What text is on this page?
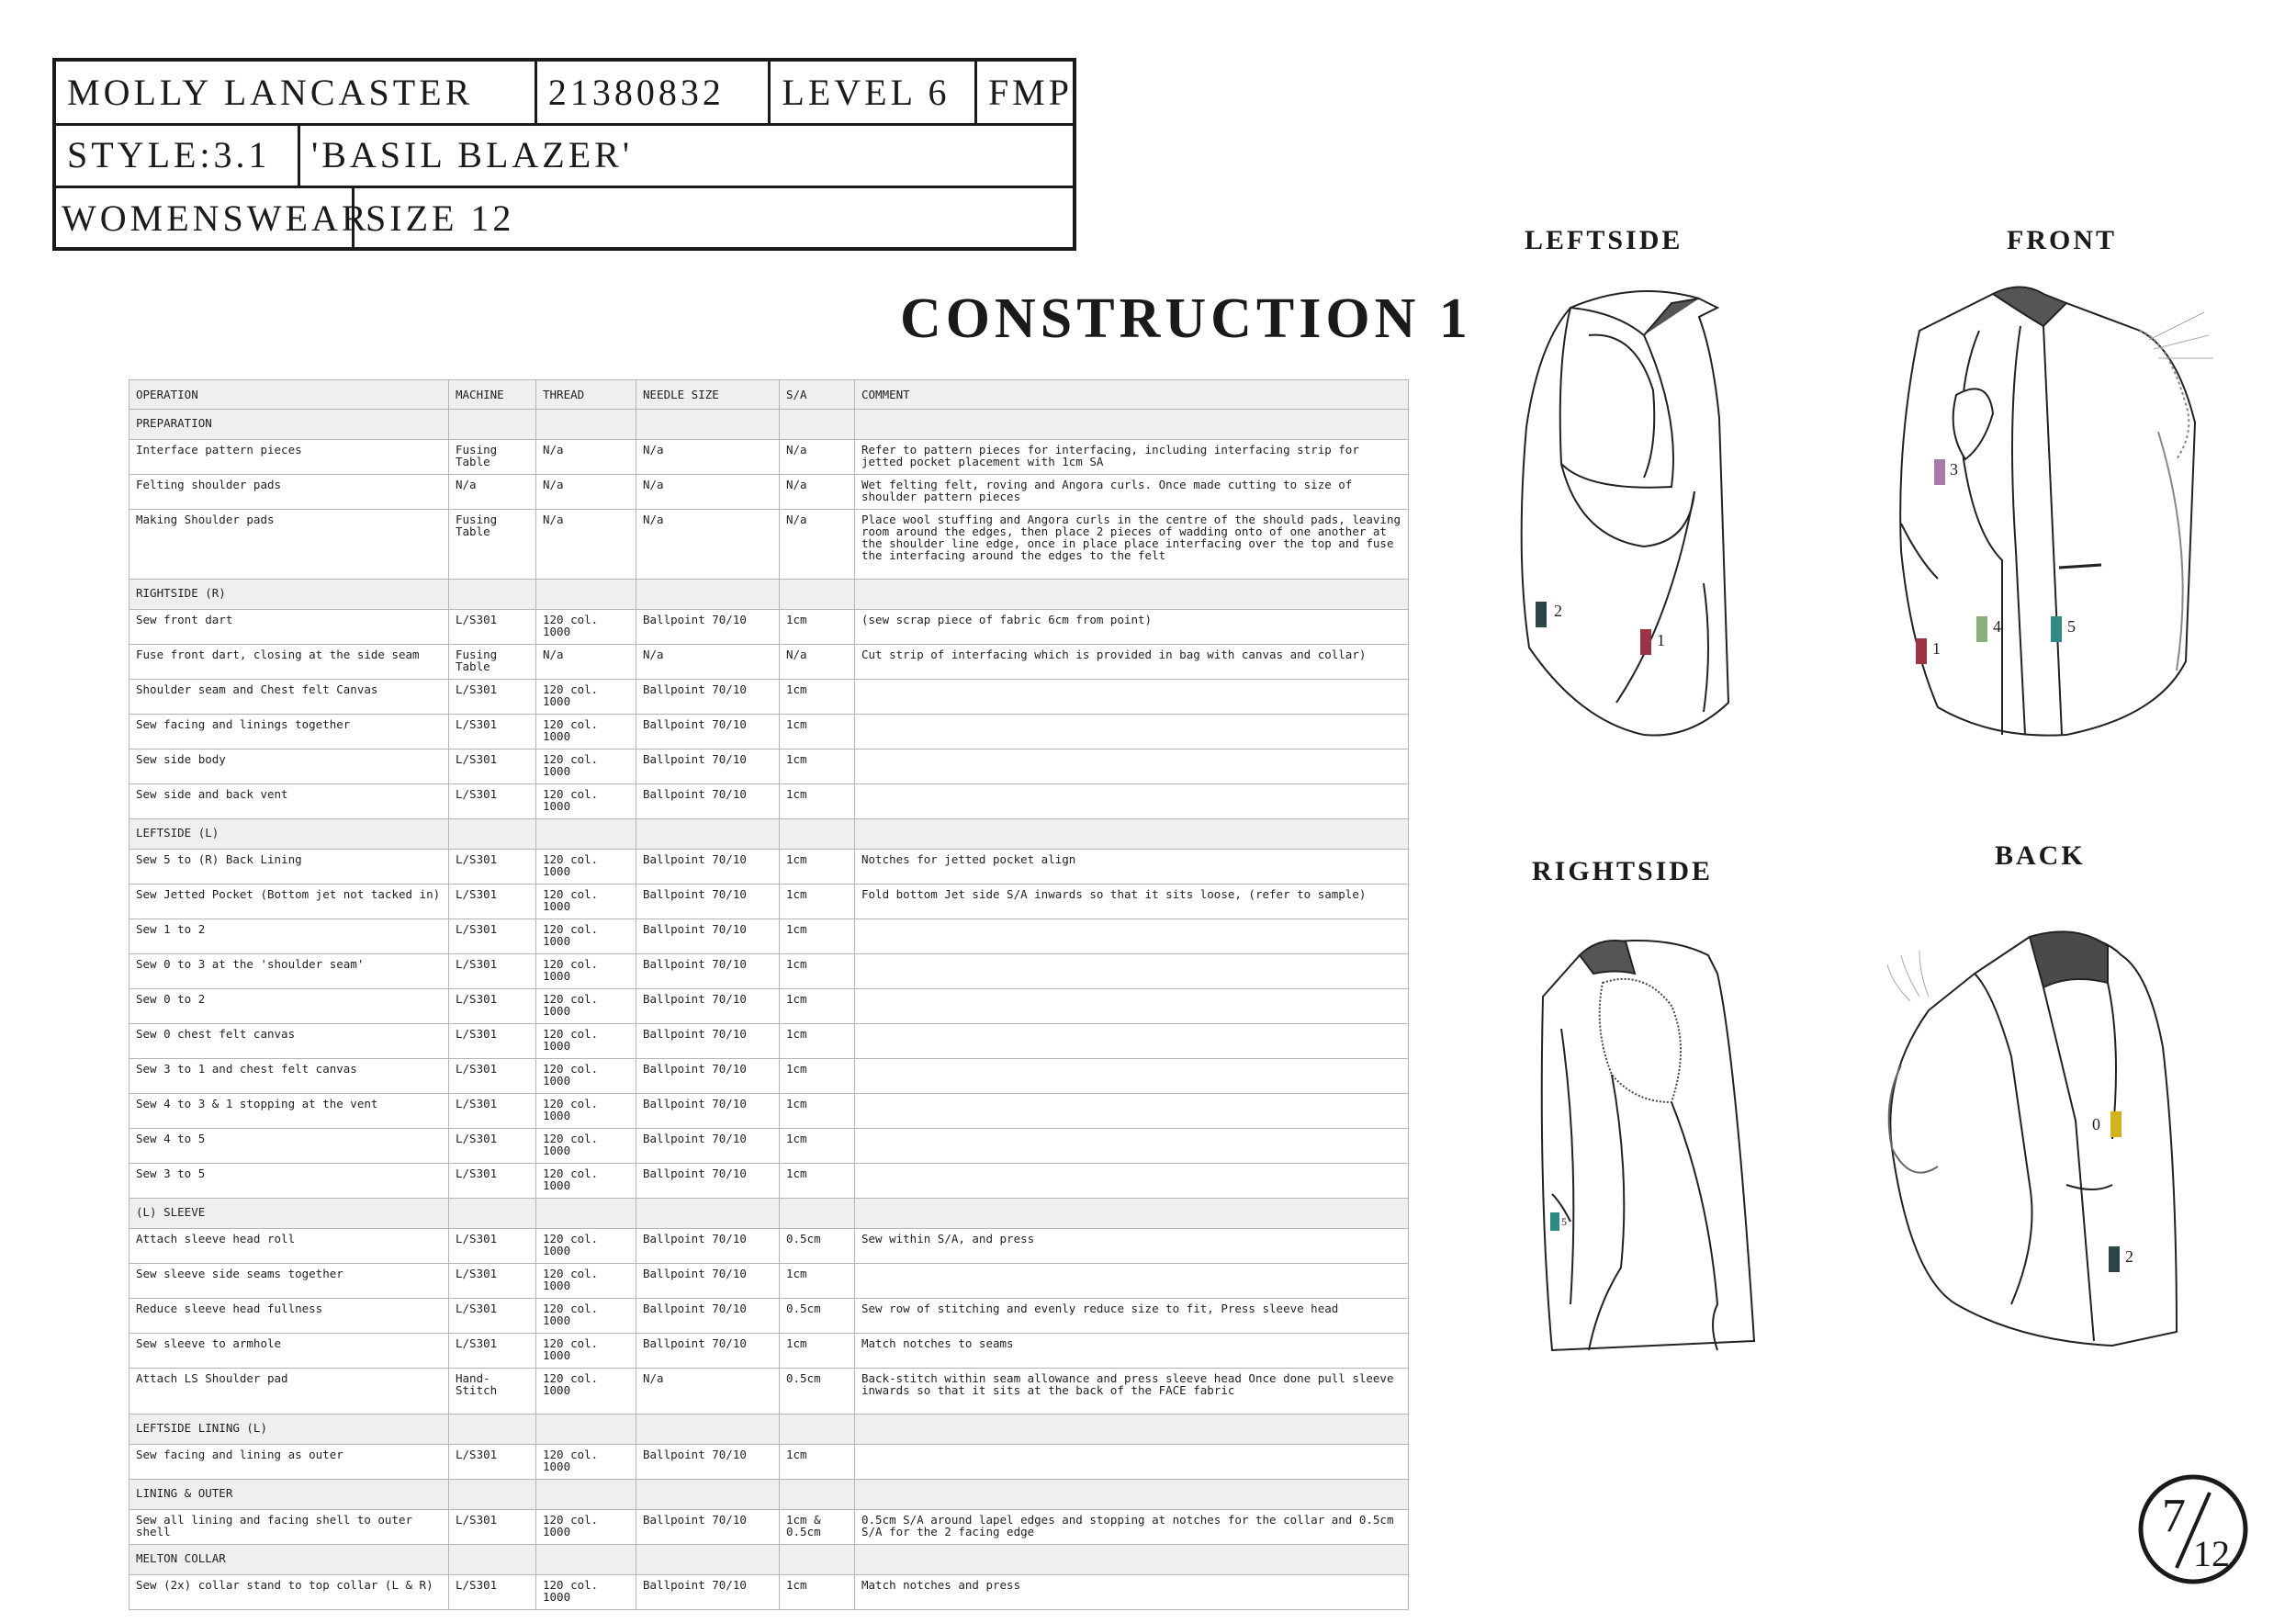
MOLLY LANCASTER	21380832	LEVEL 6	FMP
STYLE:3.1	'BASIL BLAZER'
WOMENSWEAR
SIZE 12
CONSTRUCTION 1
OPERATION	MACHINE	THREAD	NEEDLE SIZE	S/A	COMMENT
PREPARATION					
Interface pattern pieces	Fusing Table	N/a	N/a	N/a	Refer to pattern pieces for interfacing, including interfacing strip for jetted pocket placement with 1cm SA
Felting shoulder pads	N/a	N/a	N/a	N/a	Wet felting felt, roving and Angora curls. Once made cutting to size of shoulder pattern pieces
Making Shoulder pads	Fusing Table	N/a	N/a	N/a	Place wool stuffing and Angora curls in the centre of the should pads, leaving room around the edges, then place 2 pieces of wadding onto of one another at the shoulder line edge, once in place place interfacing over the top and fuse the interfacing around the edges to the felt
RIGHTSIDE (R)					
Sew front dart	L/S301	120 col. 1000	Ballpoint 70/10	1cm	(sew scrap piece of fabric 6cm from point)
Fuse front dart, closing at the side seam	Fusing Table	N/a	N/a	N/a	Cut strip of interfacing which is provided in bag with canvas and collar)
Shoulder seam and Chest felt Canvas	L/S301	120 col. 1000	Ballpoint 70/10	1cm	
Sew facing and linings together	L/S301	120 col. 1000	Ballpoint 70/10	1cm	
Sew side body	L/S301	120 col. 1000	Ballpoint 70/10	1cm	
Sew side and back vent	L/S301	120 col. 1000	Ballpoint 70/10	1cm	
LEFTSIDE (L)					
Sew 5 to (R) Back Lining	L/S301	120 col. 1000	Ballpoint 70/10	1cm	Notches for jetted pocket align
Sew Jetted Pocket (Bottom jet not tacked in)	L/S301	120 col. 1000	Ballpoint 70/10	1cm	Fold bottom Jet side S/A inwards so that it sits loose, (refer to sample)
Sew 1 to 2	L/S301	120 col. 1000	Ballpoint 70/10	1cm	
Sew 0 to 3 at the 'shoulder seam'	L/S301	120 col. 1000	Ballpoint 70/10	1cm	
Sew 0 to 2	L/S301	120 col. 1000	Ballpoint 70/10	1cm	
Sew 0 chest felt canvas	L/S301	120 col. 1000	Ballpoint 70/10	1cm	
Sew 3 to 1 and chest felt canvas	L/S301	120 col. 1000	Ballpoint 70/10	1cm	
Sew 4 to 3 & 1 stopping at the vent	L/S301	120 col. 1000	Ballpoint 70/10	1cm	
Sew 4 to 5	L/S301	120 col. 1000	Ballpoint 70/10	1cm	
Sew 3 to 5	L/S301	120 col. 1000	Ballpoint 70/10	1cm	
(L) SLEEVE					
Attach sleeve head roll	L/S301	120 col. 1000	Ballpoint 70/10	0.5cm	Sew within S/A, and press
Sew sleeve side seams together	L/S301	120 col. 1000	Ballpoint 70/10	1cm	
Reduce sleeve head fullness	L/S301	120 col. 1000	Ballpoint 70/10	0.5cm	Sew row of stitching and evenly reduce size to fit, Press sleeve head
Sew sleeve to armhole	L/S301	120 col. 1000	Ballpoint 70/10	1cm	Match notches to seams
Attach LS Shoulder pad	Hand-Stitch	120 col. 1000	N/a	0.5cm	Back-stitch within seam allowance and press sleeve head Once done pull sleeve inwards so that it sits at the back of the FACE fabric
LEFTSIDE LINING (L)					
Sew facing and lining as outer	L/S301	120 col. 1000	Ballpoint 70/10	1cm	
LINING & OUTER					
Sew all lining and facing shell to outer shell	L/S301	120 col. 1000	Ballpoint 70/10	1cm & 0.5cm	0.5cm S/A around lapel edges and stopping at notches for the collar and 0.5cm S/A for the 2 facing edge
MELTON COLLAR					
Sew (2x) collar stand to top collar (L & R)	L/S301	120 col. 1000	Ballpoint 70/10	1cm	Match notches and press
LEFTSIDE	FRONT
RIGHTSIDE
BACK
2
1
3
1
4	5
5
0
2
7
12
